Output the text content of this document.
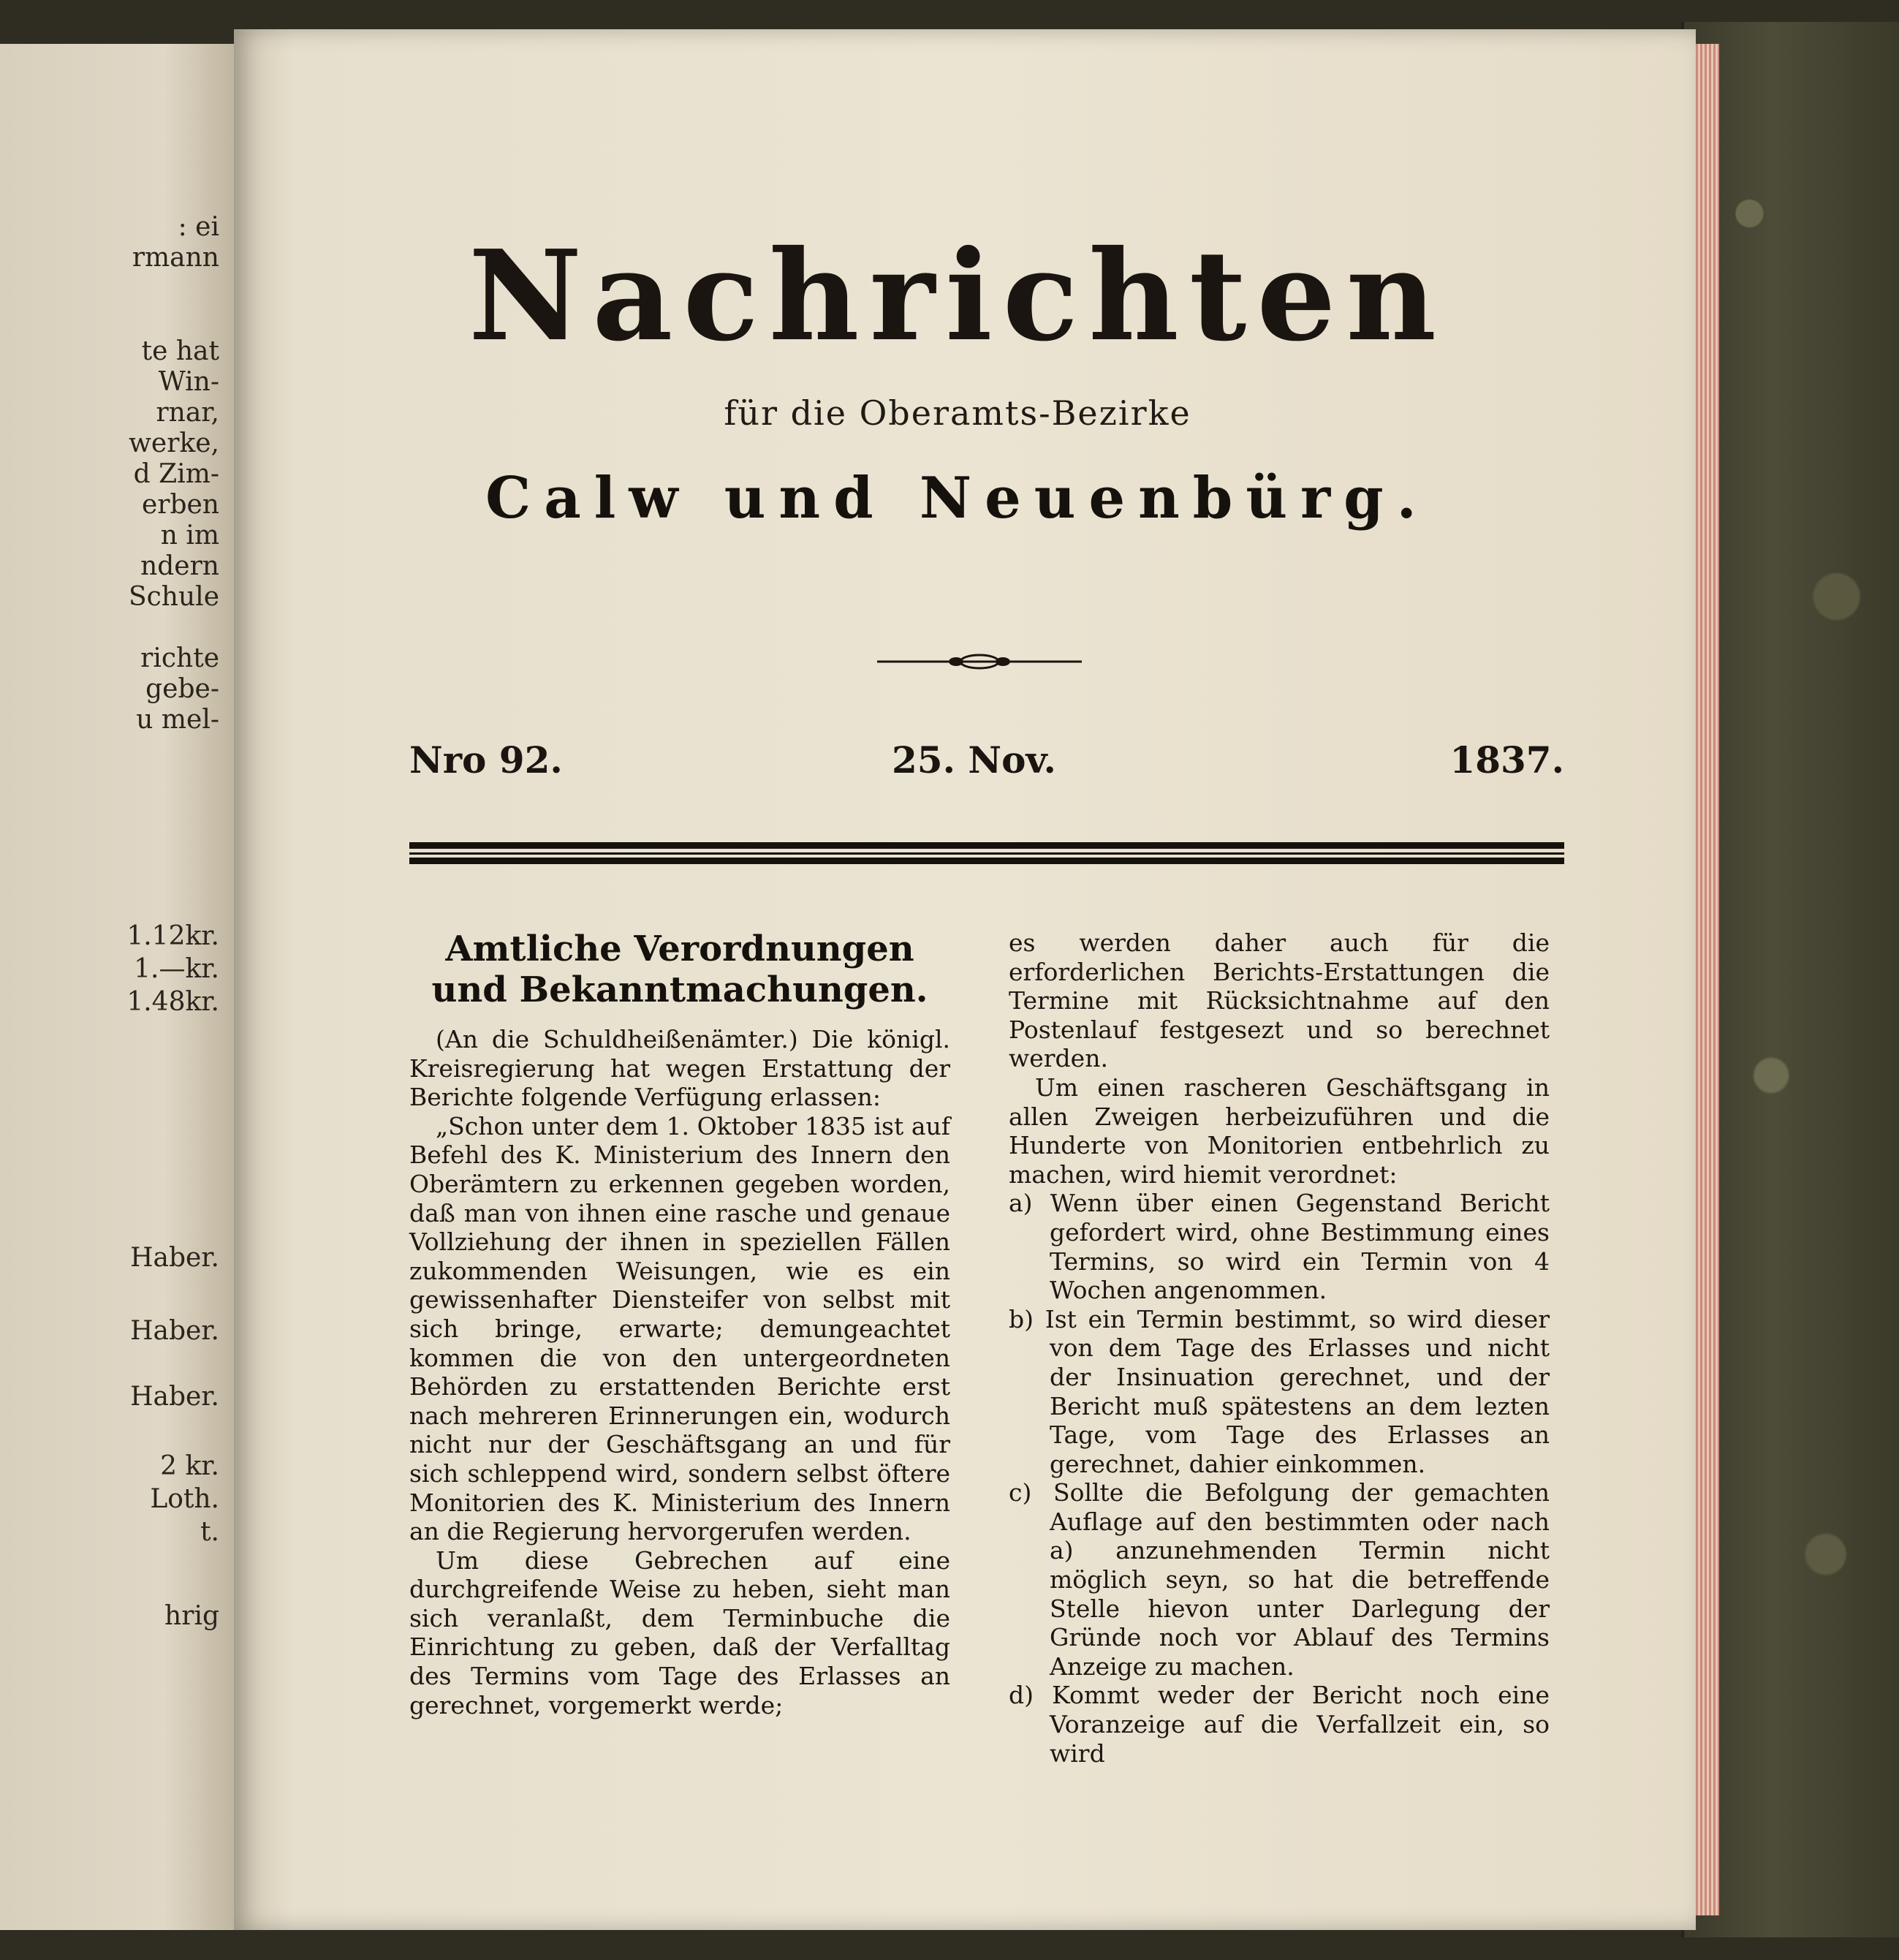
: ei
rmann
te hat
Win-
rnar,
werke,
d Zim-
erben
n im
ndern
Schule
richte
gebe-
u mel-
1.12kr.
1.—kr.
1.48kr.
Haber.
Haber.
Haber.
2 kr.
Loth.
t.
hrig
Nachrichten
für die Oberamts-Bezirke
Calw und Neuenbürg.
Nro 92.	25. Nov.	1837.

Amtliche Verordnungen und Bekanntmachungen.

(An die Schuldheißenämter.) Die königl. Kreisregierung hat wegen Erstattung der Berichte folgende Verfügung erlassen:

„Schon unter dem 1. Oktober 1835 ist auf Befehl des K. Ministerium des Innern den Oberämtern zu erkennen gegeben worden, daß man von ihnen eine rasche und genaue Vollziehung der ihnen in speziellen Fällen zukommenden Weisungen, wie es ein gewissenhafter Diensteifer von selbst mit sich bringe, erwarte; demungeachtet kommen die von den untergeordneten Behörden zu erstattenden Berichte erst nach mehreren Erinnerungen ein, wodurch nicht nur der Geschäftsgang an und für sich schleppend wird, sondern selbst öftere Monitorien des K. Ministerium des Innern an die Regierung hervorgerufen werden.

Um diese Gebrechen auf eine durchgreifende Weise zu heben, sieht man sich veranlaßt, dem Terminbuche die Einrichtung zu geben, daß der Verfalltag des Termins vom Tage des Erlasses an gerechnet, vorgemerkt werde;

es werden daher auch für die erforderlichen Berichts-Erstattungen die Termine mit Rücksichtnahme auf den Postenlauf festgesezt und so berechnet werden.

Um einen rascheren Geschäftsgang in allen Zweigen herbeizuführen und die Hunderte von Monitorien entbehrlich zu machen, wird hiemit verordnet:

a) Wenn über einen Gegenstand Bericht gefordert wird, ohne Bestimmung eines Termins, so wird ein Termin von 4 Wochen angenommen.

b) Ist ein Termin bestimmt, so wird dieser von dem Tage des Erlasses und nicht der Insinuation gerechnet, und der Bericht muß spätestens an dem lezten Tage, vom Tage des Erlasses an gerechnet, dahier einkommen.

c) Sollte die Befolgung der gemachten Auflage auf den bestimmten oder nach a) anzunehmenden Termin nicht möglich seyn, so hat die betreffende Stelle hievon unter Darlegung der Gründe noch vor Ablauf des Termins Anzeige zu machen.

d) Kommt weder der Bericht noch eine Voranzeige auf die Verfallzeit ein, so wird
